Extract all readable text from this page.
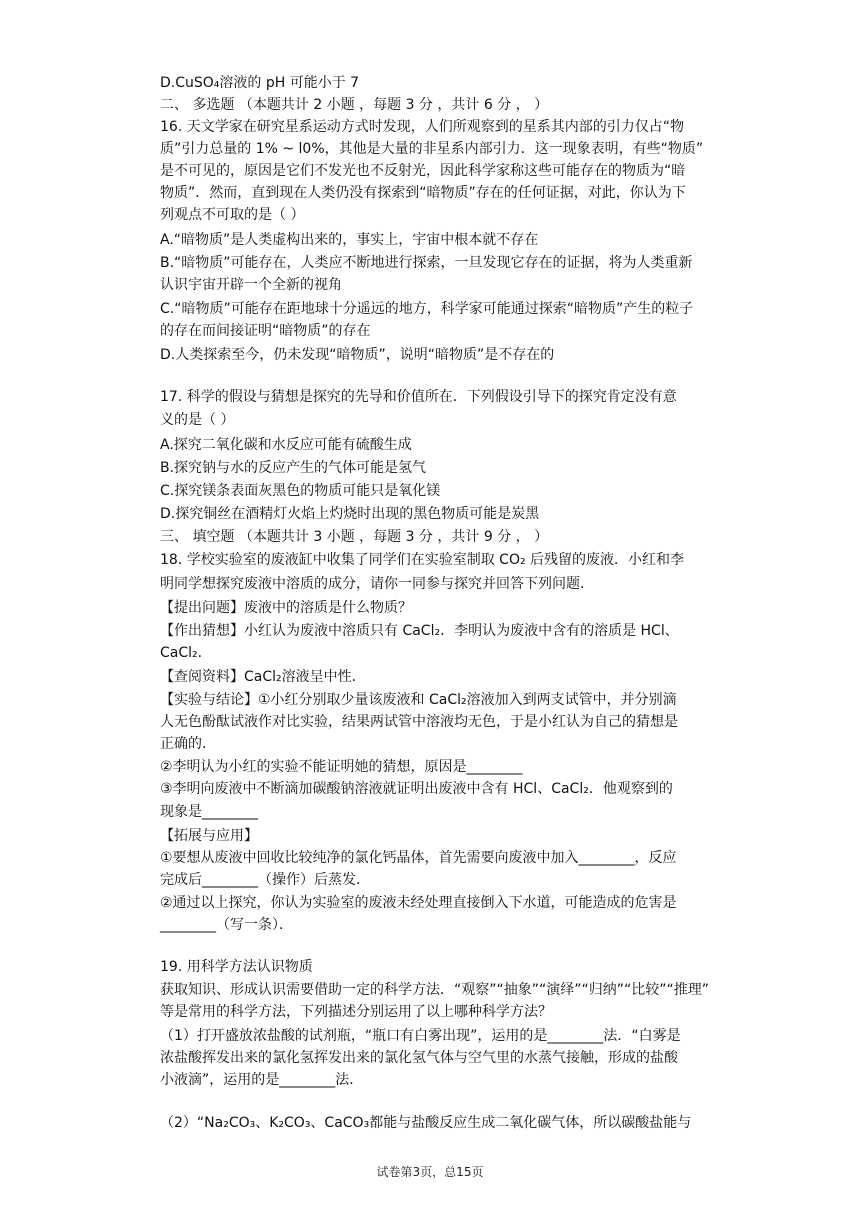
D.CuSO₄溶液的 pH 可能小于 7
二、 多选题 （本题共计 2 小题 ，每题 3 分 ，共计 6 分 ， ）
16. 天文学家在研究星系运动方式时发现，人们所观察到的星系其内部的引力仅占“物
质”引力总量的 1% ~ l0%，其他是大量的非星系内部引力．这一现象表明，有些“物质”
是不可见的，原因是它们不发光也不反射光，因此科学家称这些可能存在的物质为“暗
物质”．然而，直到现在人类仍没有探索到“暗物质”存在的任何证据，对此，你认为下
列观点不可取的是（ ）
A.“暗物质”是人类虚构出来的，事实上，宇宙中根本就不存在
B.“暗物质”可能存在，人类应不断地进行探索，一旦发现它存在的证据，将为人类重新
认识宇宙开辟一个全新的视角
C.“暗物质”可能存在距地球十分遥远的地方，科学家可能通过探索“暗物质”产生的粒子
的存在而间接证明“暗物质”的存在
D.人类探索至今，仍未发现“暗物质”，说明“暗物质”是不存在的
17. 科学的假设与猜想是探究的先导和价值所在．下列假设引导下的探究肯定没有意
义的是（ ）
A.探究二氧化碳和水反应可能有硫酸生成
B.探究钠与水的反应产生的气体可能是氢气
C.探究镁条表面灰黑色的物质可能只是氧化镁
D.探究铜丝在酒精灯火焰上灼烧时出现的黑色物质可能是炭黑
三、 填空题 （本题共计 3 小题 ，每题 3 分 ，共计 9 分 ， ）
18. 学校实验室的废液缸中收集了同学们在实验室制取 CO₂ 后残留的废液．小红和李
明同学想探究废液中溶质的成分，请你一同参与探究并回答下列问题．
【提出问题】废液中的溶质是什么物质？
【作出猜想】小红认为废液中溶质只有 CaCl₂．李明认为废液中含有的溶质是 HCl、
CaCl₂.
【查阅资料】CaCl₂溶液呈中性．
【实验与结论】①小红分别取少量该废液和 CaCl₂溶液加入到两支试管中，并分别滴
人无色酚酞试液作对比实验，结果两试管中溶液均无色，于是小红认为自己的猜想是
正确的．
②李明认为小红的实验不能证明她的猜想，原因是________
③李明向废液中不断滴加碳酸钠溶液就证明出废液中含有 HCl、CaCl₂．他观察到的
现象是________
【拓展与应用】
①要想从废液中回收比较纯净的氯化钙晶体，首先需要向废液中加入________，反应
完成后________（操作）后蒸发．
②通过以上探究，你认为实验室的废液未经处理直接倒入下水道，可能造成的危害是
________（写一条）．
19. 用科学方法认识物质
获取知识、形成认识需要借助一定的科学方法．“观察”“抽象”“演绎”“归纳”“比较”“推理”
等是常用的科学方法，下列描述分别运用了以上哪种科学方法？
（1）打开盛放浓盐酸的试剂瓶，“瓶口有白雾出现”，运用的是________法．“白雾是
浓盐酸挥发出来的氯化氢挥发出来的氯化氢气体与空气里的水蒸气接触，形成的盐酸
小液滴”，运用的是________法．
（2）“Na₂CO₃、K₂CO₃、CaCO₃都能与盐酸反应生成二氧化碳气体，所以碳酸盐能与
试卷第3页，总15页
